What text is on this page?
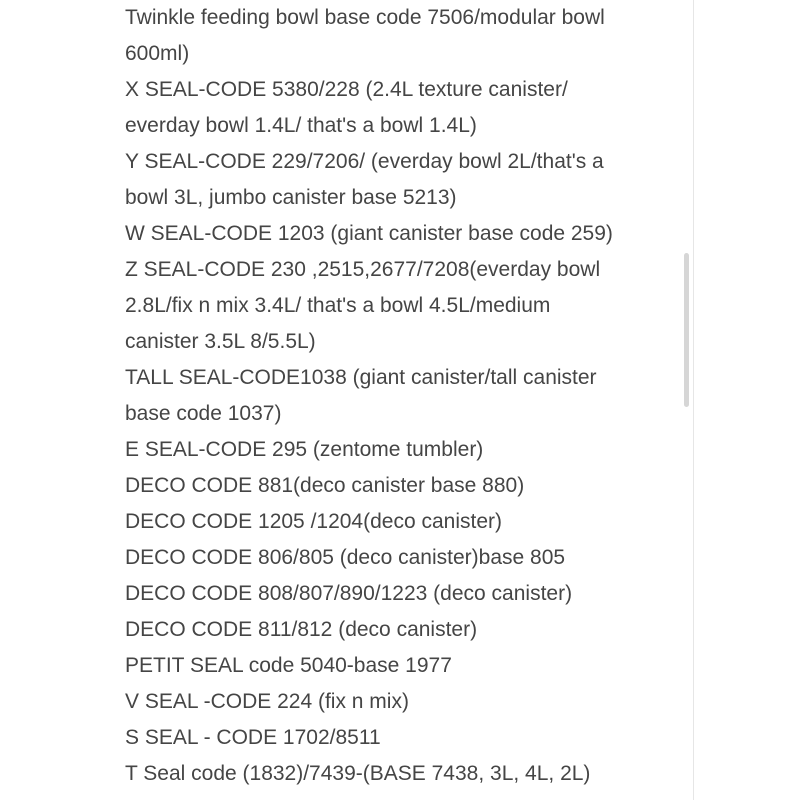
Twinkle feeding bowl base code 7506/modular bowl
600ml)
X SEAL-CODE 5380/228 (2.4L texture canister/
everday bowl 1.4L/ that's a bowl 1.4L)
Y SEAL-CODE 229/7206/ (everday bowl 2L/that's a
bowl 3L, jumbo canister base 5213)
W SEAL-CODE 1203 (giant canister base code 259)
Z SEAL-CODE 230 ,2515,2677/7208(everday bowl
2.8L/fix n mix 3.4L/ that's a bowl 4.5L/medium
canister 3.5L 8/5.5L)
TALL SEAL-CODE1038 (giant canister/tall canister
base code 1037)
E SEAL-CODE 295 (zentome tumbler)
DECO CODE 881(deco canister base 880)
DECO CODE 1205 /1204(deco canister)
DECO CODE 806/805 (deco canister)base 805
DECO CODE 808/807/890/1223 (deco canister)
DECO CODE 811/812 (deco canister)
PETIT SEAL code 5040-base 1977
V SEAL -CODE 224 (fix n mix)
S SEAL - CODE 1702/8511
T Seal code (1832)/7439-(BASE 7438, 3L, 4L, 2L)
